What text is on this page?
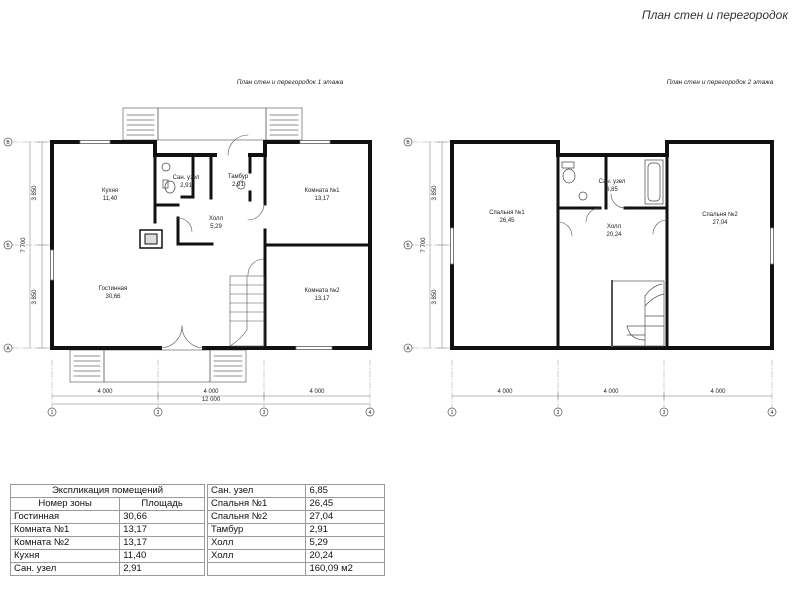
План стен и перегородок
План стен и перегородок 1 этажа	План стен и перегородок 2 этажа
Кухня
11,40
Сан. узел
2,91
Тамбур
2,91
Комната №1
13,17
Холл
5,29
Гостинная
30,66
Комната №2
13,17
3 850
7 700
3 850
4 000	4 000	4 000
12 000
1	2	3	4
В
Б
А
Спальня №1
26,45
Сан. узел
6,85
Холл
20,24
Спальня №2
27,04
3 850
7 700
3 850
4 000	4 000	4 000
1	2	3	4
В
Б
А
Экспликация помещений	
Номер зоны	Площадь
Гостинная	30,66
Комната №1	13,17
Комната №2	13,17
Кухня	11,40
Сан. узел	2,91
Сан. узел	6,85
Спальня №1	26,45
Спальня №2	27,04
Тамбур	2,91
Холл	5,29
Холл	20,24
	160,09 м2
